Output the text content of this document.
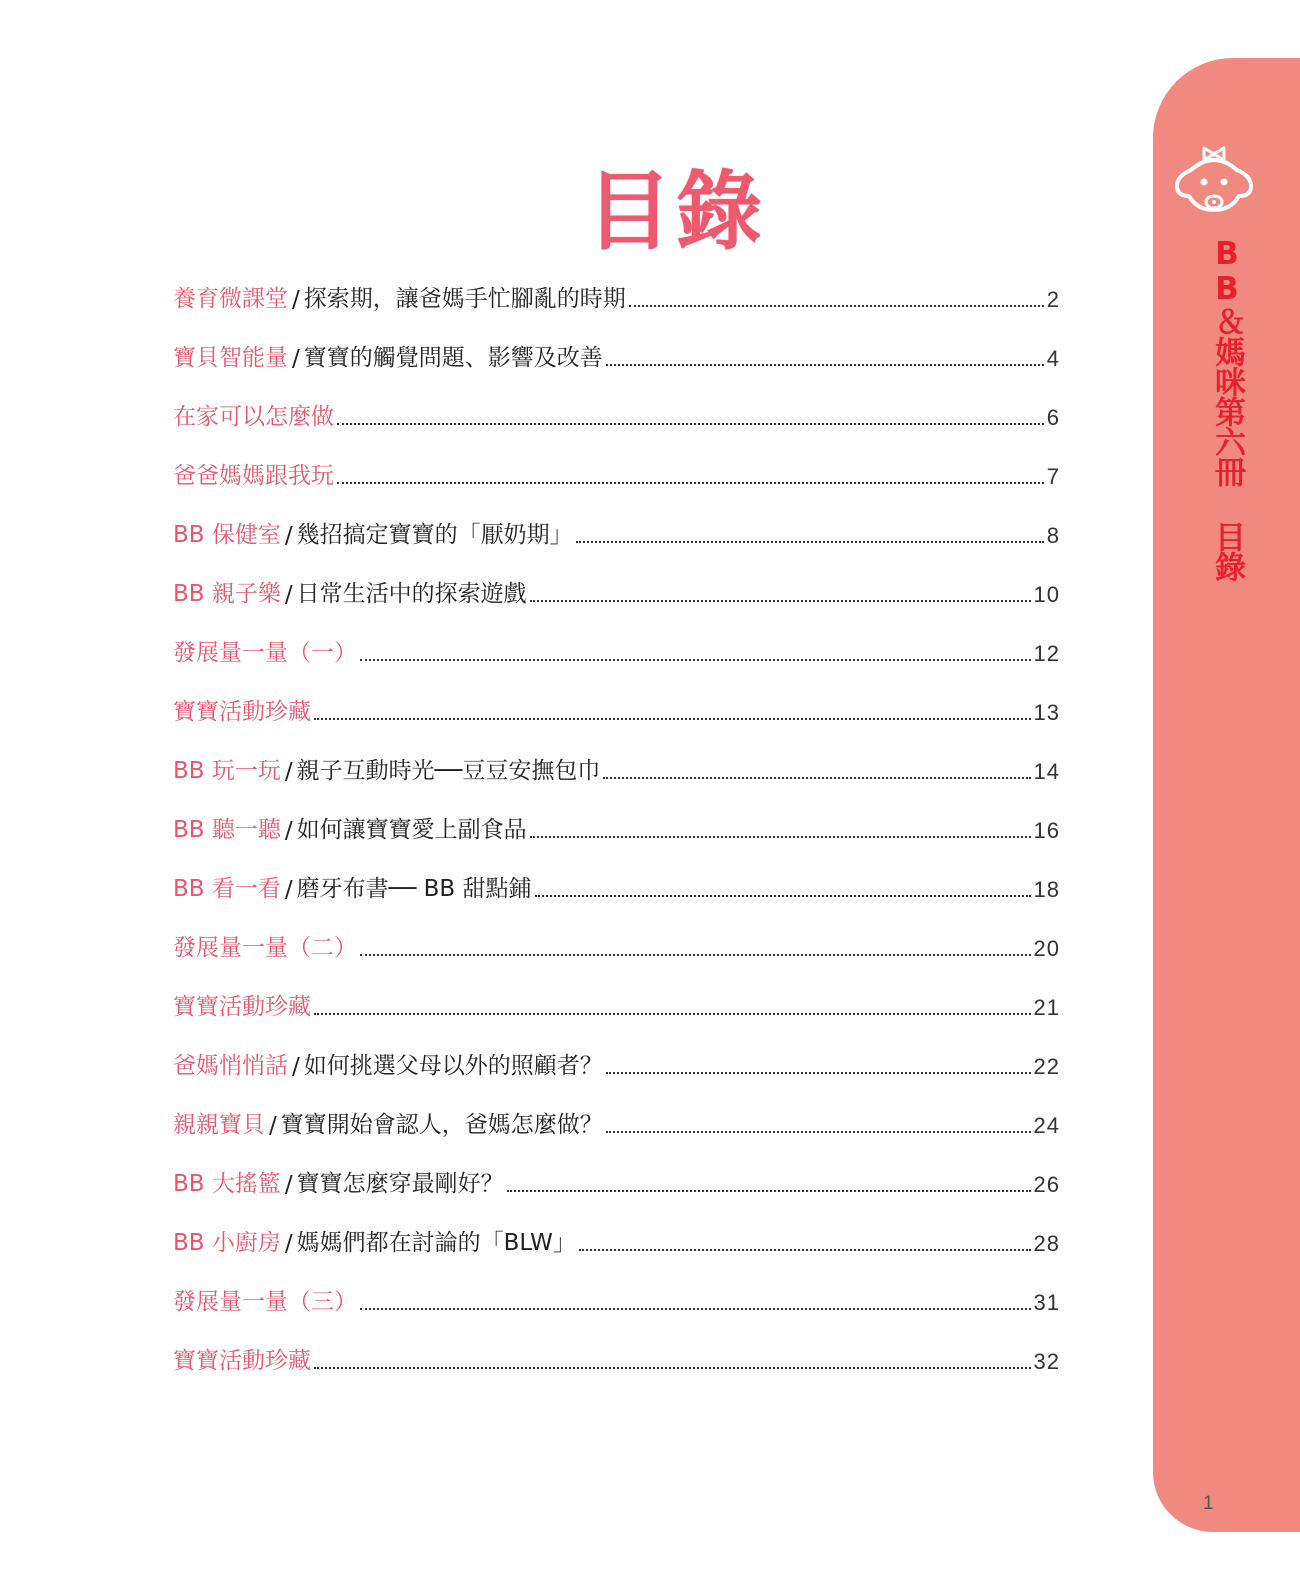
目錄
養育微課堂 / 探索期，讓爸媽手忙腳亂的時期	2
寶貝智能量 / 寶寶的觸覺問題、影響及改善	4
在家可以怎麼做	6
爸爸媽媽跟我玩	7
BB 保健室 / 幾招搞定寶寶的「厭奶期」	8
BB 親子樂 / 日常生活中的探索遊戲	10
發展量一量（一）	12
寶寶活動珍藏	13
BB 玩一玩 / 親子互動時光──豆豆安撫包巾	14
BB 聽一聽 / 如何讓寶寶愛上副食品	16
BB 看一看 / 磨牙布書── BB 甜點鋪	18
發展量一量（二）	20
寶寶活動珍藏	21
爸媽悄悄話 / 如何挑選父母以外的照顧者？	22
親親寶貝 / 寶寶開始會認人，爸媽怎麼做？	24
BB 大搖籃 / 寶寶怎麼穿最剛好？	26
BB 小廚房 / 媽媽們都在討論的「BLW」	28
發展量一量（三）	31
寶寶活動珍藏	32
BB＆媽咪第六冊 目錄
1
